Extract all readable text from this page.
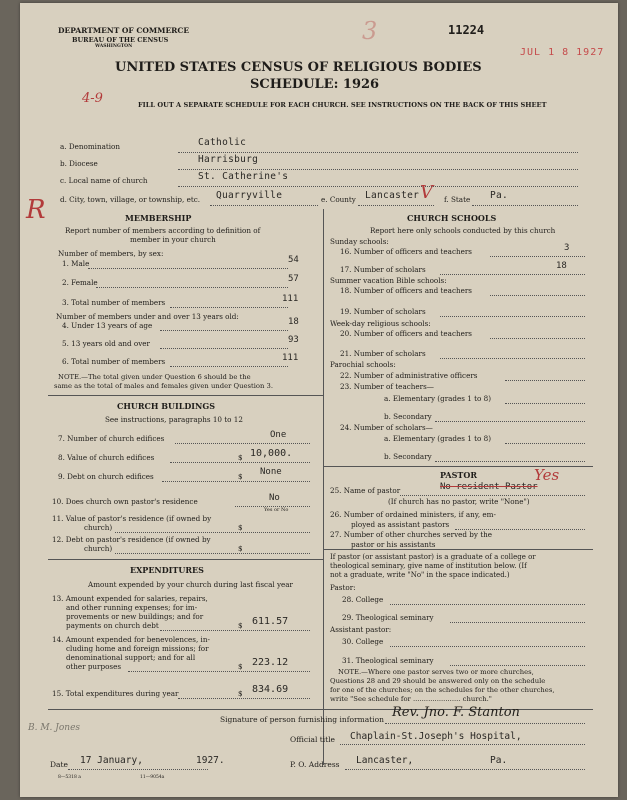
DEPARTMENT OF COMMERCE
BUREAU OF THE CENSUS
WASHINGTON
11224
JUL 1 8 1927
3
4-9
UNITED STATES CENSUS OF RELIGIOUS BODIES
SCHEDULE: 1926
FILL OUT A SEPARATE SCHEDULE FOR EACH CHURCH. SEE INSTRUCTIONS ON THE BACK OF THIS SHEET
a. Denomination	Catholic
b. Diocese	Harrisburg
c. Local name of church	St. Catherine's
d. City, town, village, or township, etc. Quarryville	e. County Lancaster V f. State Pa.
R	MEMBERSHIP
Report number of members according to definition of
member in your church
Number of members, by sex:
1. Male	54
2. Female	57
3. Total number of members	111
Number of members under and over 13 years old:
4. Under 13 years of age	18
5. 13 years old and over	93
6. Total number of members	111
NOTE.—The total given under Question 6 should be the
same as the total of males and females given under Question 3.
CHURCH BUILDINGS
See instructions, paragraphs 10 to 12
7. Number of church edifices	One
8. Value of church edifices	$ 10,000.
9. Debt on church edifices	$ None
10. Does church own pastor's residence	No
Yes or No
11. Value of pastor's residence (if owned by
church)	$
12. Debt on pastor's residence (if owned by
church)	$
EXPENDITURES
Amount expended by your church during last fiscal year
13. Amount expended for salaries, repairs,
and other running expenses; for im-
provements or new buildings; and for
payments on church debt	$ 611.57
14. Amount expended for benevolences, in-
cluding home and foreign missions; for
denominational support; and for all
other purposes	$ 223.12
15. Total expenditures during year	$ 834.69
CHURCH SCHOOLS
Report here only schools conducted by this church
Sunday schools:
16. Number of officers and teachers	3
17. Number of scholars	18
Summer vacation Bible schools:
18. Number of officers and teachers
19. Number of scholars
Week-day religious schools:
20. Number of officers and teachers
21. Number of scholars
Parochial schools:
22. Number of administrative officers
23. Number of teachers—
a. Elementary (grades 1 to 8)
b. Secondary
24. Number of scholars—
a. Elementary (grades 1 to 8)
b. Secondary
PASTOR
25. Name of pastor	No resident Pastor
Yes
(If church has no pastor, write "None")
26. Number of ordained ministers, if any, em-
ployed as assistant pastors
27. Number of other churches served by the
pastor or his assistants
If pastor (or assistant pastor) is a graduate of a college or
theological seminary, give name of institution below. (If
not a graduate, write "No" in the space indicated.)
Pastor:
28. College
29. Theological seminary
Assistant pastor:
30. College
31. Theological seminary
NOTE.—Where one pastor serves two or more churches,
Questions 28 and 29 should be answered only on the schedule
for one of the churches; on the schedules for the other churches,
write "See schedule for ...................... church."
B. M. Jones
Signature of person furnishing information Rev. Jno. F. Stanton
Official title Chaplain-St.Joseph's Hospital,
Date 17 January,	1927.	P. O. Address Lancaster,	Pa.
8—5318 a	11—9054a
